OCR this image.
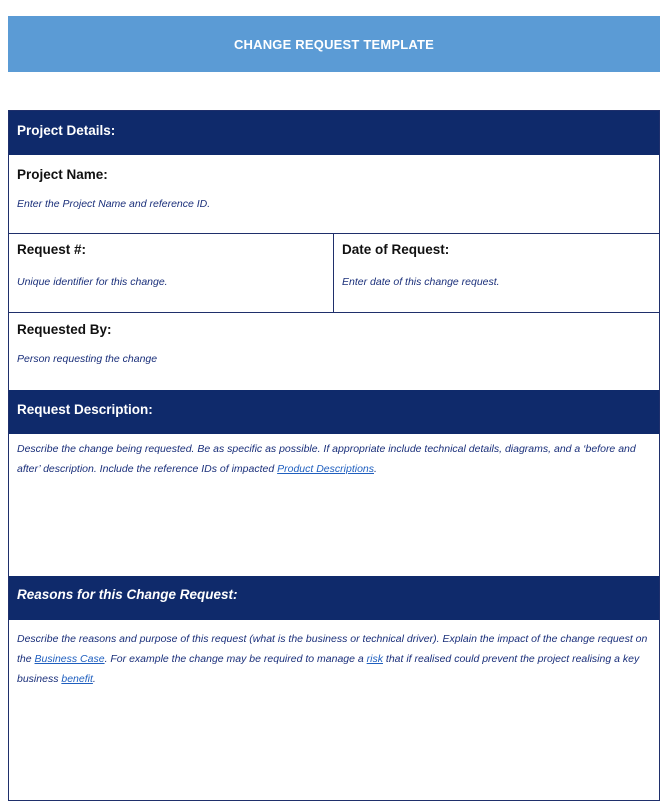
CHANGE REQUEST TEMPLATE
Project Details:
Project Name:
Enter the Project Name and reference ID.
Request #:
Unique identifier for this change.
Date of Request:
Enter date of this change request.
Requested By:
Person requesting the change
Request Description:
Describe the change being requested. Be as specific as possible. If appropriate include technical details, diagrams, and a ‘before and after’ description. Include the reference IDs of impacted Product Descriptions.
Reasons for this Change Request:
Describe the reasons and purpose of this request (what is the business or technical driver). Explain the impact of the change request on the Business Case. For example the change may be required to manage a risk that if realised could prevent the project realising a key business benefit.
